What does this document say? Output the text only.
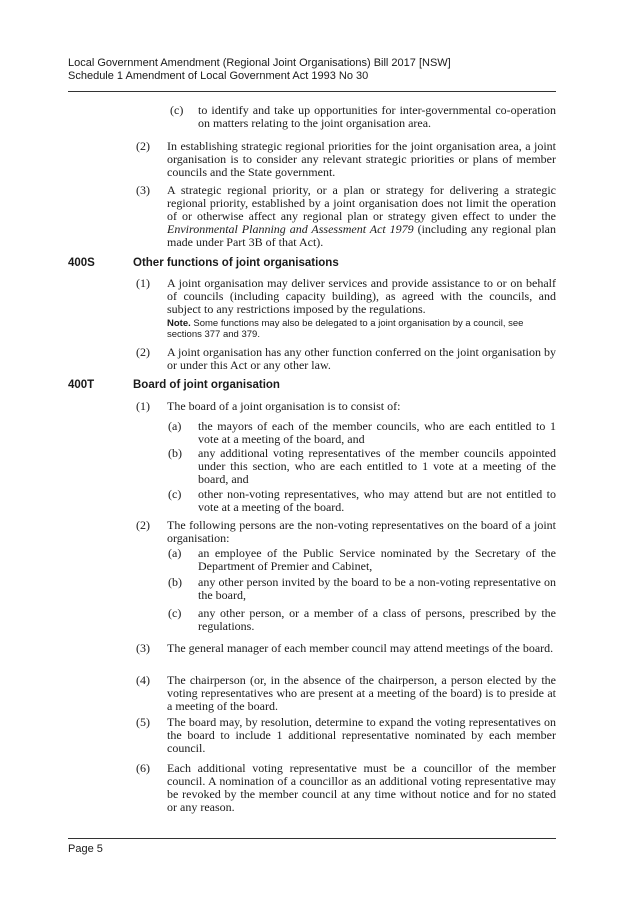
Local Government Amendment (Regional Joint Organisations) Bill 2017 [NSW]
Schedule 1 Amendment of Local Government Act 1993 No 30
(c) to identify and take up opportunities for inter-governmental co-operation on matters relating to the joint organisation area.
(2) In establishing strategic regional priorities for the joint organisation area, a joint organisation is to consider any relevant strategic priorities or plans of member councils and the State government.
(3) A strategic regional priority, or a plan or strategy for delivering a strategic regional priority, established by a joint organisation does not limit the operation of or otherwise affect any regional plan or strategy given effect to under the Environmental Planning and Assessment Act 1979 (including any regional plan made under Part 3B of that Act).
400S	Other functions of joint organisations
(1) A joint organisation may deliver services and provide assistance to or on behalf of councils (including capacity building), as agreed with the councils, and subject to any restrictions imposed by the regulations.
Note. Some functions may also be delegated to a joint organisation by a council, see sections 377 and 379.
(2) A joint organisation has any other function conferred on the joint organisation by or under this Act or any other law.
400T	Board of joint organisation
(1) The board of a joint organisation is to consist of:
(a) the mayors of each of the member councils, who are each entitled to 1 vote at a meeting of the board, and
(b) any additional voting representatives of the member councils appointed under this section, who are each entitled to 1 vote at a meeting of the board, and
(c) other non-voting representatives, who may attend but are not entitled to vote at a meeting of the board.
(2) The following persons are the non-voting representatives on the board of a joint organisation:
(a) an employee of the Public Service nominated by the Secretary of the Department of Premier and Cabinet,
(b) any other person invited by the board to be a non-voting representative on the board,
(c) any other person, or a member of a class of persons, prescribed by the regulations.
(3) The general manager of each member council may attend meetings of the board.
(4) The chairperson (or, in the absence of the chairperson, a person elected by the voting representatives who are present at a meeting of the board) is to preside at a meeting of the board.
(5) The board may, by resolution, determine to expand the voting representatives on the board to include 1 additional representative nominated by each member council.
(6) Each additional voting representative must be a councillor of the member council. A nomination of a councillor as an additional voting representative may be revoked by the member council at any time without notice and for no stated or any reason.
Page 5
